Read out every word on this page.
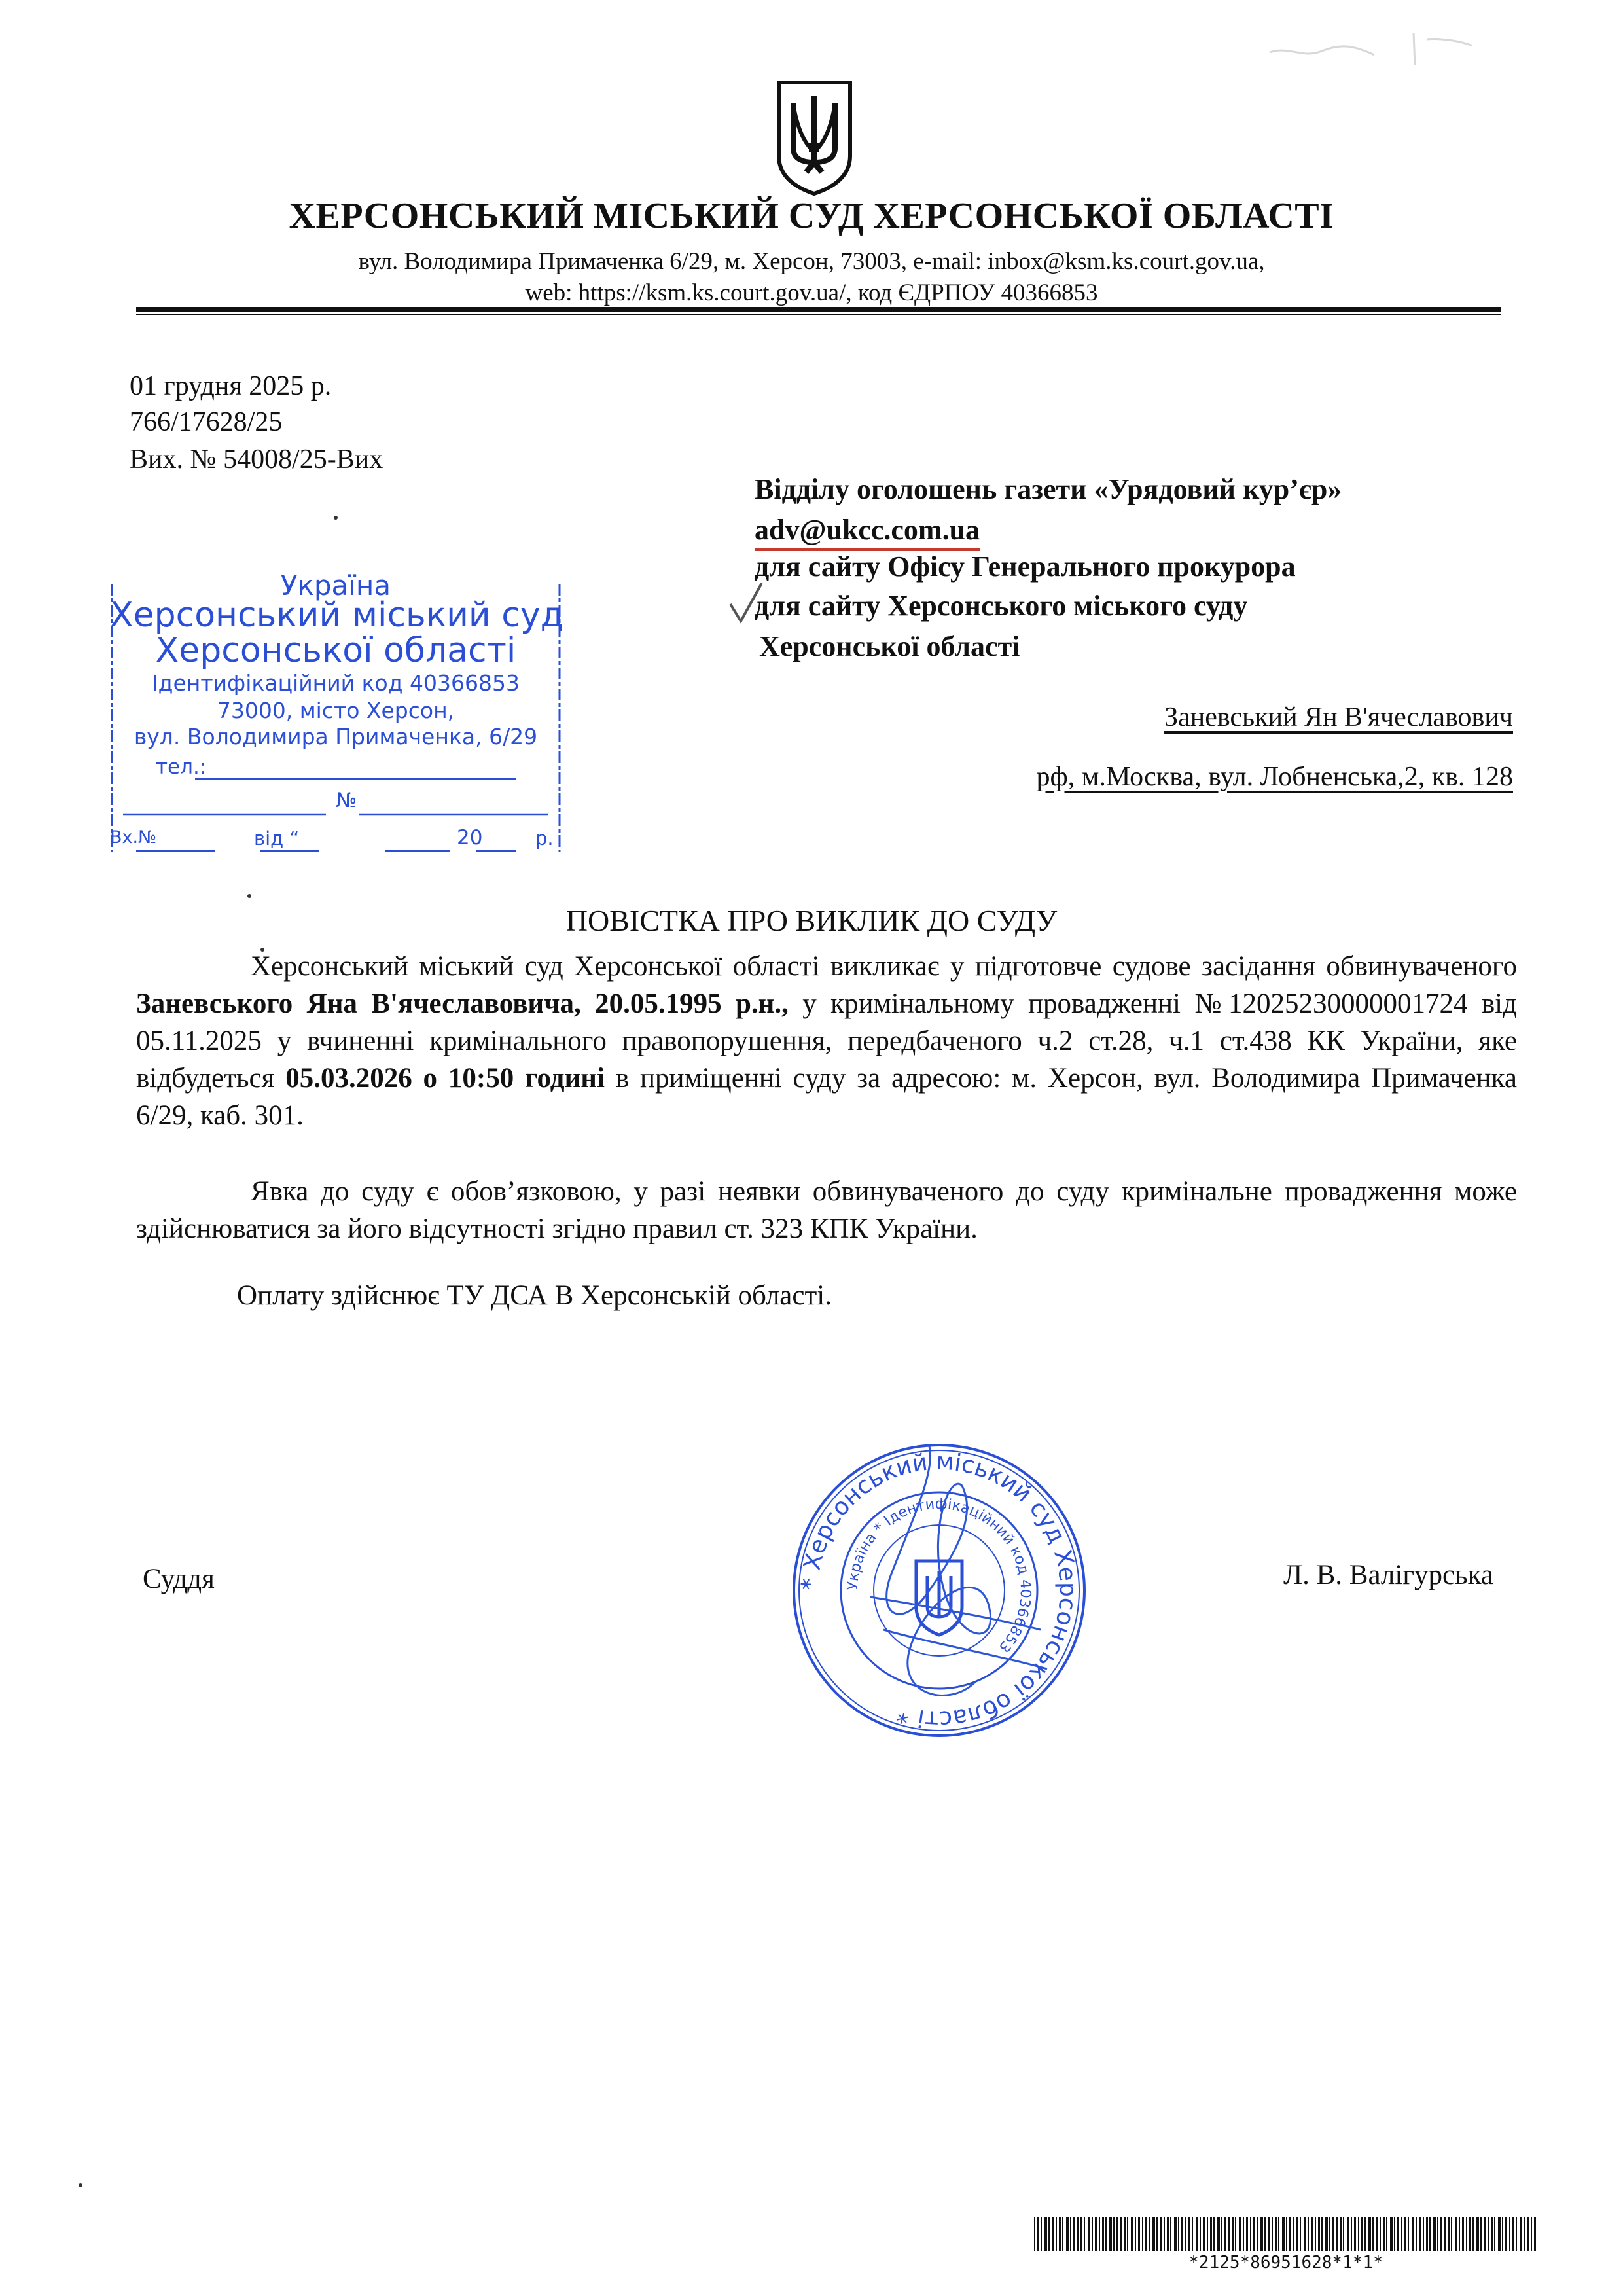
ХЕРСОНСЬКИЙ МІСЬКИЙ СУД ХЕРСОНСЬКОЇ ОБЛАСТІ
вул. Володимира Примаченка 6/29, м. Херсон, 73003, e-mail: inbox@ksm.ks.court.gov.ua,
web: https://ksm.ks.court.gov.ua/, код ЄДРПОУ 40366853
01 грудня 2025 р.
766/17628/25
Вих. № 54008/25-Вих
Відділу оголошень газети «Урядовий кур’єр»
adv@ukcc.com.ua
для сайту Офісу Генерального прокурора
для сайту Херсонського міського суду
Херсонської області
Заневський Ян В'ячеславович
рф, м.Москва, вул. Лобненська,2, кв. 128
Україна
Херсонський міський суд
Херсонської області
Ідентифікаційний код 40366853
73000, місто Херсон,
вул. Володимира Примаченка, 6/29
тел.:
№
Вх.№	від “	20	р.
ПОВІСТКА ПРО ВИКЛИК ДО СУДУ

Херсонський міський суд Херсонської області викликає у підготовче судове засідання обвинуваченого Заневського Яна В'ячеславовича, 20.05.1995 р.н., у кримінальному провадженні №12025230000001724 від 05.11.2025 у вчиненні кримінального правопорушення, передбаченого ч.2 ст.28, ч.1 ст.438 КК України, яке відбудеться 05.03.2026 о 10:50 годині в приміщенні суду за адресою: м. Херсон, вул. Володимира Примаченка 6/29, каб. 301.

Явка до суду є обов’язковою, у разі неявки обвинуваченого до суду кримінальне провадження може здійснюватися за його відсутності згідно правил ст. 323 КПК України.

Оплату здійснює ТУ ДСА В Херсонській області.
Суддя	Л. В. Валігурська
* Херсонський міський суд Херсонської області *
Україна * Ідентифікаційний код 40366853
*2125*86951628*1*1*
